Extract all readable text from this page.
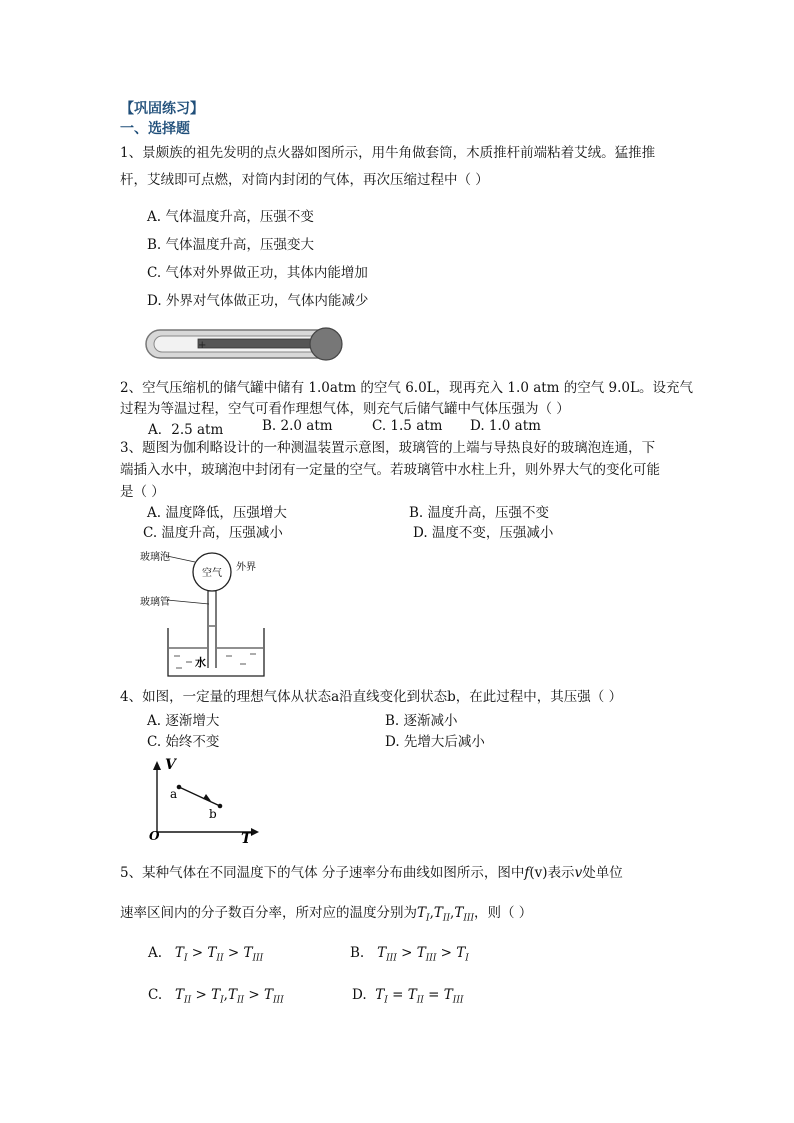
【巩固练习】
一、选择题
1、景颇族的祖先发明的点火器如图所示，用牛角做套筒，木质推杆前端粘着艾绒。猛推推
杆，艾绒即可点燃，对筒内封闭的气体，再次压缩过程中（ ）
A. 气体温度升高，压强不变
B. 气体温度升高，压强变大
C. 气体对外界做正功，其体内能增加
D. 外界对气体做正功，气体内能减少
+
2、空气压缩机的储气罐中储有 1.0atm 的空气 6.0L，现再充入 1.0 atm 的空气 9.0L。设充气
过程为等温过程，空气可看作理想气体，则充气后储气罐中气体压强为（ ）
A．2.5 atm	B. 2.0 atm	C. 1.5 atm D. 1.0 atm
3、题图为伽利略设计的一种测温装置示意图，玻璃管的上端与导热良好的玻璃泡连通，下
端插入水中，玻璃泡中封闭有一定量的空气。若玻璃管中水柱上升，则外界大气的变化可能
是（ ）
A. 温度降低，压强增大	B. 温度升高，压强不变
C. 温度升高，压强减小	D. 温度不变，压强减小
玻璃泡
空气
外界
玻璃管
水
4、如图，一定量的理想气体从状态a沿直线变化到状态b，在此过程中，其压强（ ）
A. 逐渐增大	B. 逐渐减小
C. 始终不变	D. 先增大后减小
V
T
O
a
b
5、某种气体在不同温度下的气体 分子速率分布曲线如图所示，图中f(v)表示v处单位
速率区间内的分子数百分率，所对应的温度分别为$T_I,T_{II},T_{III}$，则（ ）
A. $T_I > T_{II} > T_{III}$	B. $T_{III} > T_{III} > T_I$
C. $T_{II} > T_I,T_{II} > T_{III}$	D. $T_I = T_{II} = T_{III}$
